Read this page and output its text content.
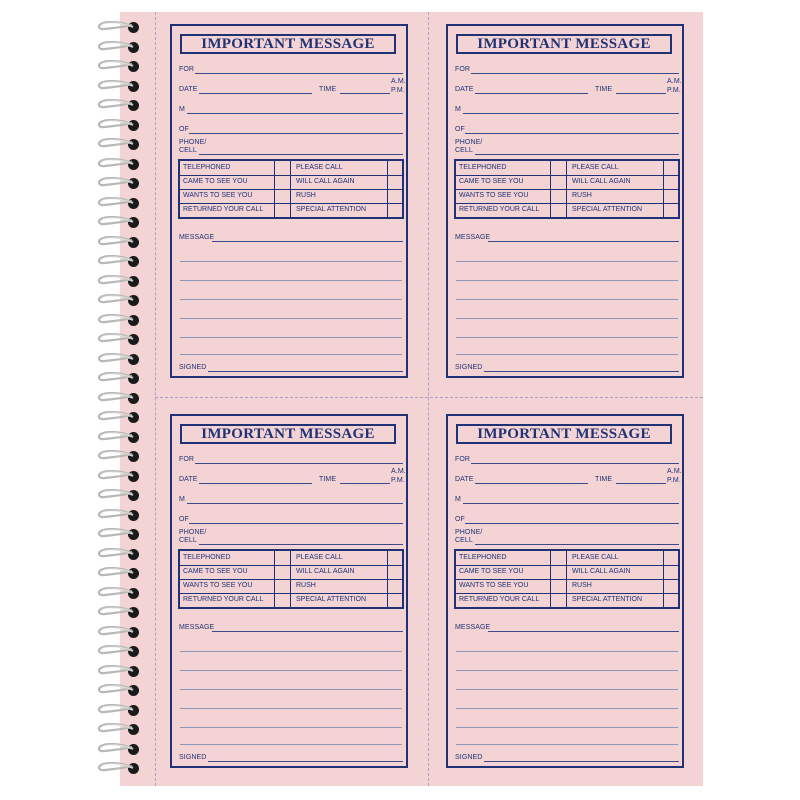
IMPORTANT MESSAGE
FOR
DATE	TIME
A.M.
P.M.
M
OF
PHONE/
CELL
TELEPHONED	PLEASE CALL
CAME TO SEE YOU	WILL CALL AGAIN
WANTS TO SEE YOU	RUSH
RETURNED YOUR CALL	SPECIAL ATTENTION
MESSAGE
SIGNED
IMPORTANT MESSAGE
FOR
DATE	TIME
A.M.
P.M.
M
OF
PHONE/
CELL
TELEPHONED	PLEASE CALL
CAME TO SEE YOU	WILL CALL AGAIN
WANTS TO SEE YOU	RUSH
RETURNED YOUR CALL	SPECIAL ATTENTION
MESSAGE
SIGNED
IMPORTANT MESSAGE
FOR
DATE	TIME
A.M.
P.M.
M
OF
PHONE/
CELL
TELEPHONED	PLEASE CALL
CAME TO SEE YOU	WILL CALL AGAIN
WANTS TO SEE YOU	RUSH
RETURNED YOUR CALL	SPECIAL ATTENTION
MESSAGE
SIGNED
IMPORTANT MESSAGE
FOR
DATE	TIME
A.M.
P.M.
M
OF
PHONE/
CELL
TELEPHONED	PLEASE CALL
CAME TO SEE YOU	WILL CALL AGAIN
WANTS TO SEE YOU	RUSH
RETURNED YOUR CALL	SPECIAL ATTENTION
MESSAGE
SIGNED
